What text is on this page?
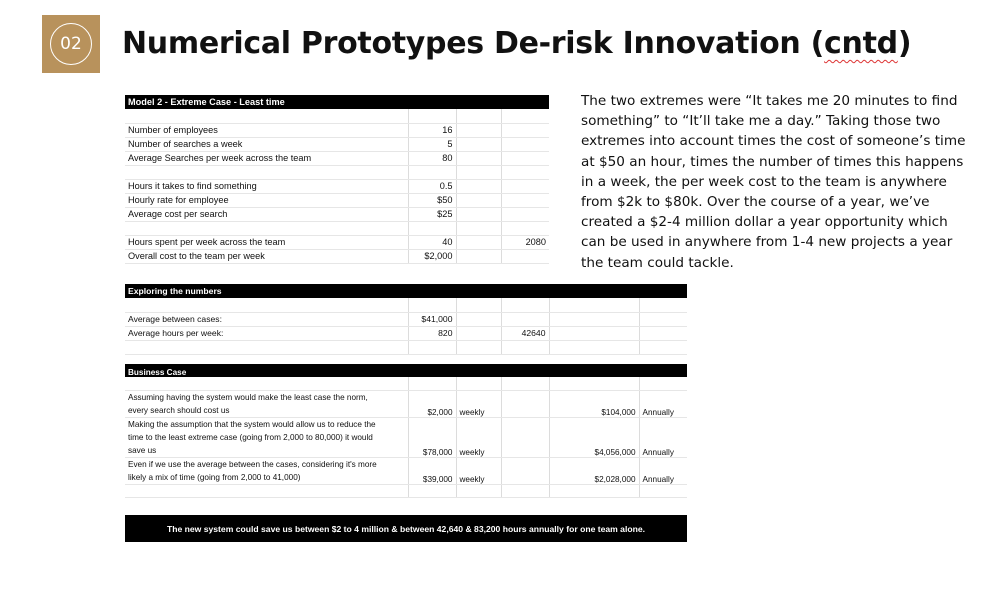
02	Numerical Prototypes De-risk Innovation (cntd)
The two extremes were “It takes me 20 minutes to find something” to “It’ll take me a day.” Taking those two extremes into account times the cost of someone’s time at $50 an hour, times the number of times this happens in a week, the per week cost to the team is anywhere from $2k to $80k. Over the course of a year, we’ve created a $2-4 million dollar a year opportunity which can be used in anywhere from 1-4 new projects a year the team could tackle.
Model 2 - Extreme Case - Least time			

Number of employees	16		
Number of searches a week	5		
Average Searches per week across the team	80		

Hours it takes to find something	0.5		
Hourly rate for employee	$50		
Average cost per search	$25		

Hours spent per week across the team	40		2080
Overall cost to the team per week	$2,000		
Exploring the numbers					

Average between cases:	$41,000				
Average hours per week:	820		42640		

Business Case					

Assuming having the system would make the least case the norm,
every search should cost us	$2,000	weekly		$104,000	Annually

Making the assumption that the system would allow us to reduce the
time to the least extreme case (going from 2,000 to 80,000) it would
save us	$78,000	weekly		$4,056,000	Annually

Even if we use the average between the cases, considering it's more
likely a mix of time (going from 2,000 to 41,000)	$39,000	weekly		$2,028,000	Annually

The new system could save us between $2 to 4 million & between 42,640 & 83,200 hours annually for one team alone.
